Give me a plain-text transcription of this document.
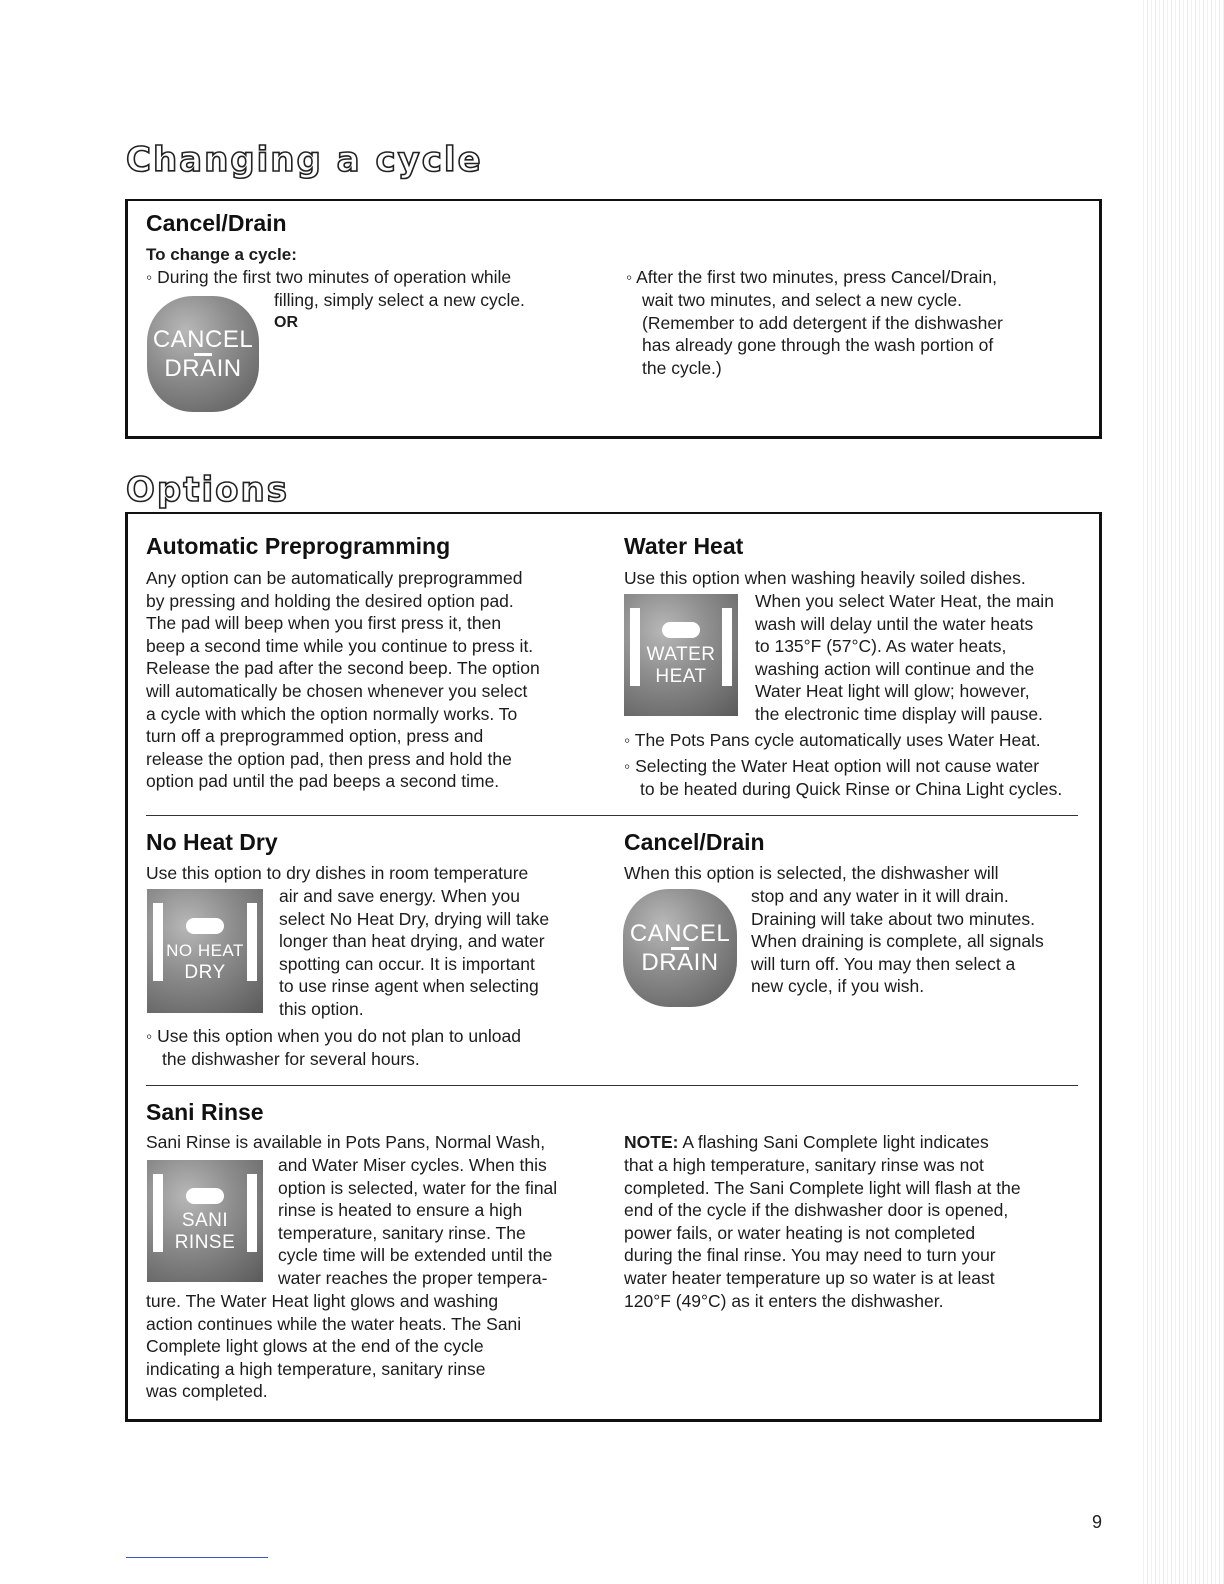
Changing a cycle
Cancel/Drain
To change a cycle:
◦ During the first two minutes of operation while
filling, simply select a new cycle.
OR
CANCEL
DRAIN
◦ After the first two minutes, press Cancel/Drain,

wait two minutes, and select a new cycle.

(Remember to add detergent if the dishwasher

has already gone through the wash portion of

the cycle.)

Options
Automatic Preprogramming

Any option can be automatically preprogrammed

by pressing and holding the desired option pad.

The pad will beep when you first press it, then

beep a second time while you continue to press it.

Release the pad after the second beep. The option

will automatically be chosen whenever you select

a cycle with which the option normally works. To

turn off a preprogrammed option, press and

release the option pad, then press and hold the

option pad until the pad beeps a second time.

Water Heat
Use this option when washing heavily soiled dishes.
WATER
HEAT

When you select Water Heat, the main

wash will delay until the water heats

to 135°F (57°C). As water heats,

washing action will continue and the

Water Heat light will glow; however,

the electronic time display will pause.

◦ The Pots Pans cycle automatically uses Water Heat.
◦ Selecting the Water Heat option will not cause water
to be heated during Quick Rinse or China Light cycles.
No Heat Dry
Use this option to dry dishes in room temperature
NO HEAT
DRY

air and save energy. When you

select No Heat Dry, drying will take

longer than heat drying, and water

spotting can occur. It is important

to use rinse agent when selecting

this option.

◦ Use this option when you do not plan to unload
the dishwasher for several hours.
Cancel/Drain
When this option is selected, the dishwasher will
CANCEL
DRAIN

stop and any water in it will drain.

Draining will take about two minutes.

When draining is complete, all signals

will turn off. You may then select a

new cycle, if you wish.

Sani Rinse
Sani Rinse is available in Pots Pans, Normal Wash,
SANI
RINSE

and Water Miser cycles. When this

option is selected, water for the final

rinse is heated to ensure a high

temperature, sanitary rinse. The

cycle time will be extended until the

water reaches the proper tempera-

ture. The Water Heat light glows and washing

action continues while the water heats. The Sani

Complete light glows at the end of the cycle

indicating a high temperature, sanitary rinse

was completed.

NOTE: A flashing Sani Complete light indicates

that a high temperature, sanitary rinse was not

completed. The Sani Complete light will flash at the

end of the cycle if the dishwasher door is opened,

power fails, or water heating is not completed

during the final rinse. You may need to turn your

water heater temperature up so water is at least

120°F (49°C) as it enters the dishwasher.

9
